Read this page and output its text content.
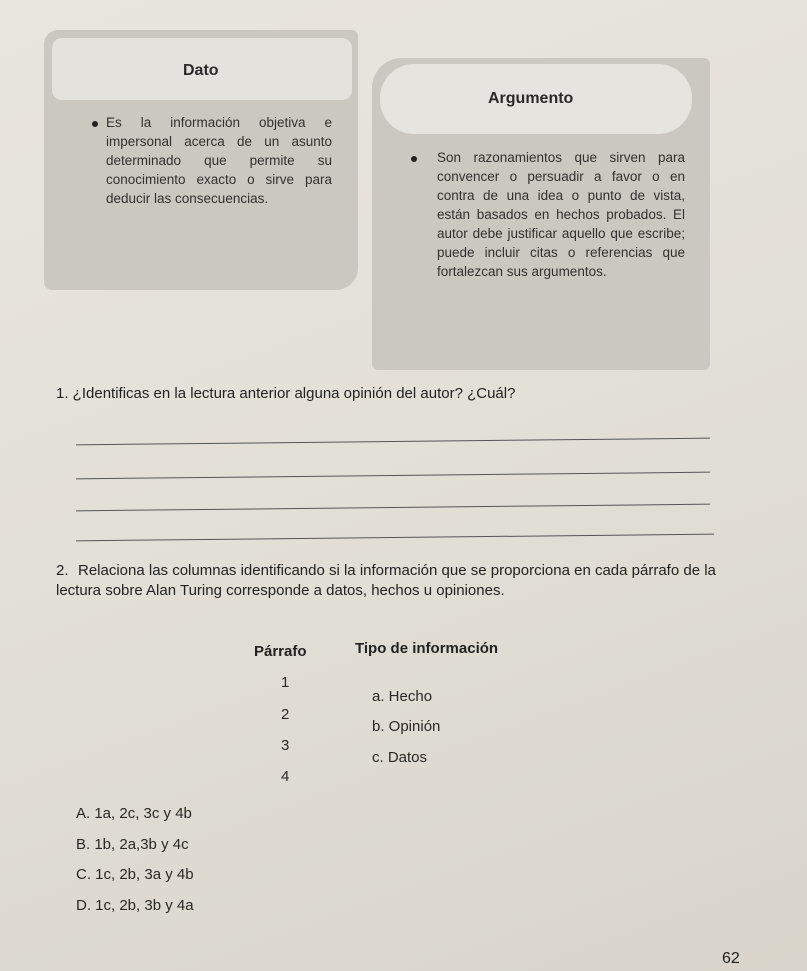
Dato
Es la información objetiva e impersonal acerca de un asunto determinado que permite su conocimiento exacto o sirve para deducir las consecuencias.
Argumento
Son razonamientos que sirven para convencer o persuadir a favor o en contra de una idea o punto de vista, están basados en hechos probados. El autor debe justificar aquello que escribe; puede incluir citas o referencias que fortalezcan sus argumentos.
1. ¿Identificas en la lectura anterior alguna opinión del autor? ¿Cuál?
2. Relaciona las columnas identificando si la información que se proporciona en cada párrafo de la lectura sobre Alan Turing corresponde a datos, hechos u opiniones.
Párrafo	Tipo de información
1
2
3
4
a. Hecho
b. Opinión
c. Datos
A. 1a, 2c, 3c y 4b
B. 1b, 2a,3b y 4c
C. 1c, 2b, 3a y 4b
D. 1c, 2b, 3b y 4a
62
